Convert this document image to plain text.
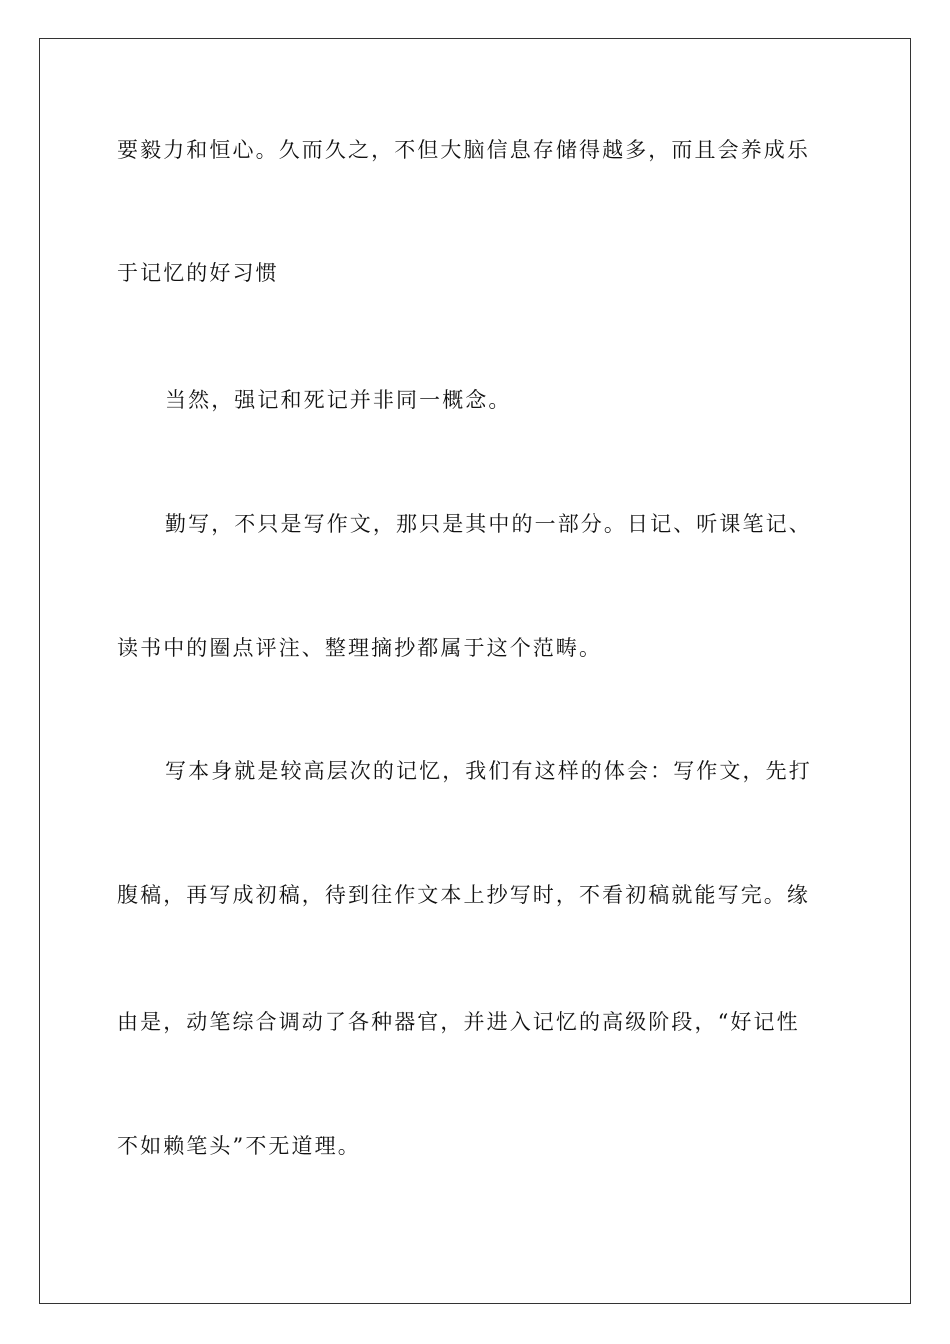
要毅力和恒心。久而久之，不但大脑信息存储得越多，而且会养成乐
于记忆的好习惯
当然，强记和死记并非同一概念。
勤写，不只是写作文，那只是其中的一部分。日记、听课笔记、
读书中的圈点评注、整理摘抄都属于这个范畴。
写本身就是较高层次的记忆，我们有这样的体会：写作文，先打
腹稿，再写成初稿，待到往作文本上抄写时，不看初稿就能写完。缘
由是，动笔综合调动了各种器官，并进入记忆的高级阶段，“好记性
不如赖笔头”不无道理。
